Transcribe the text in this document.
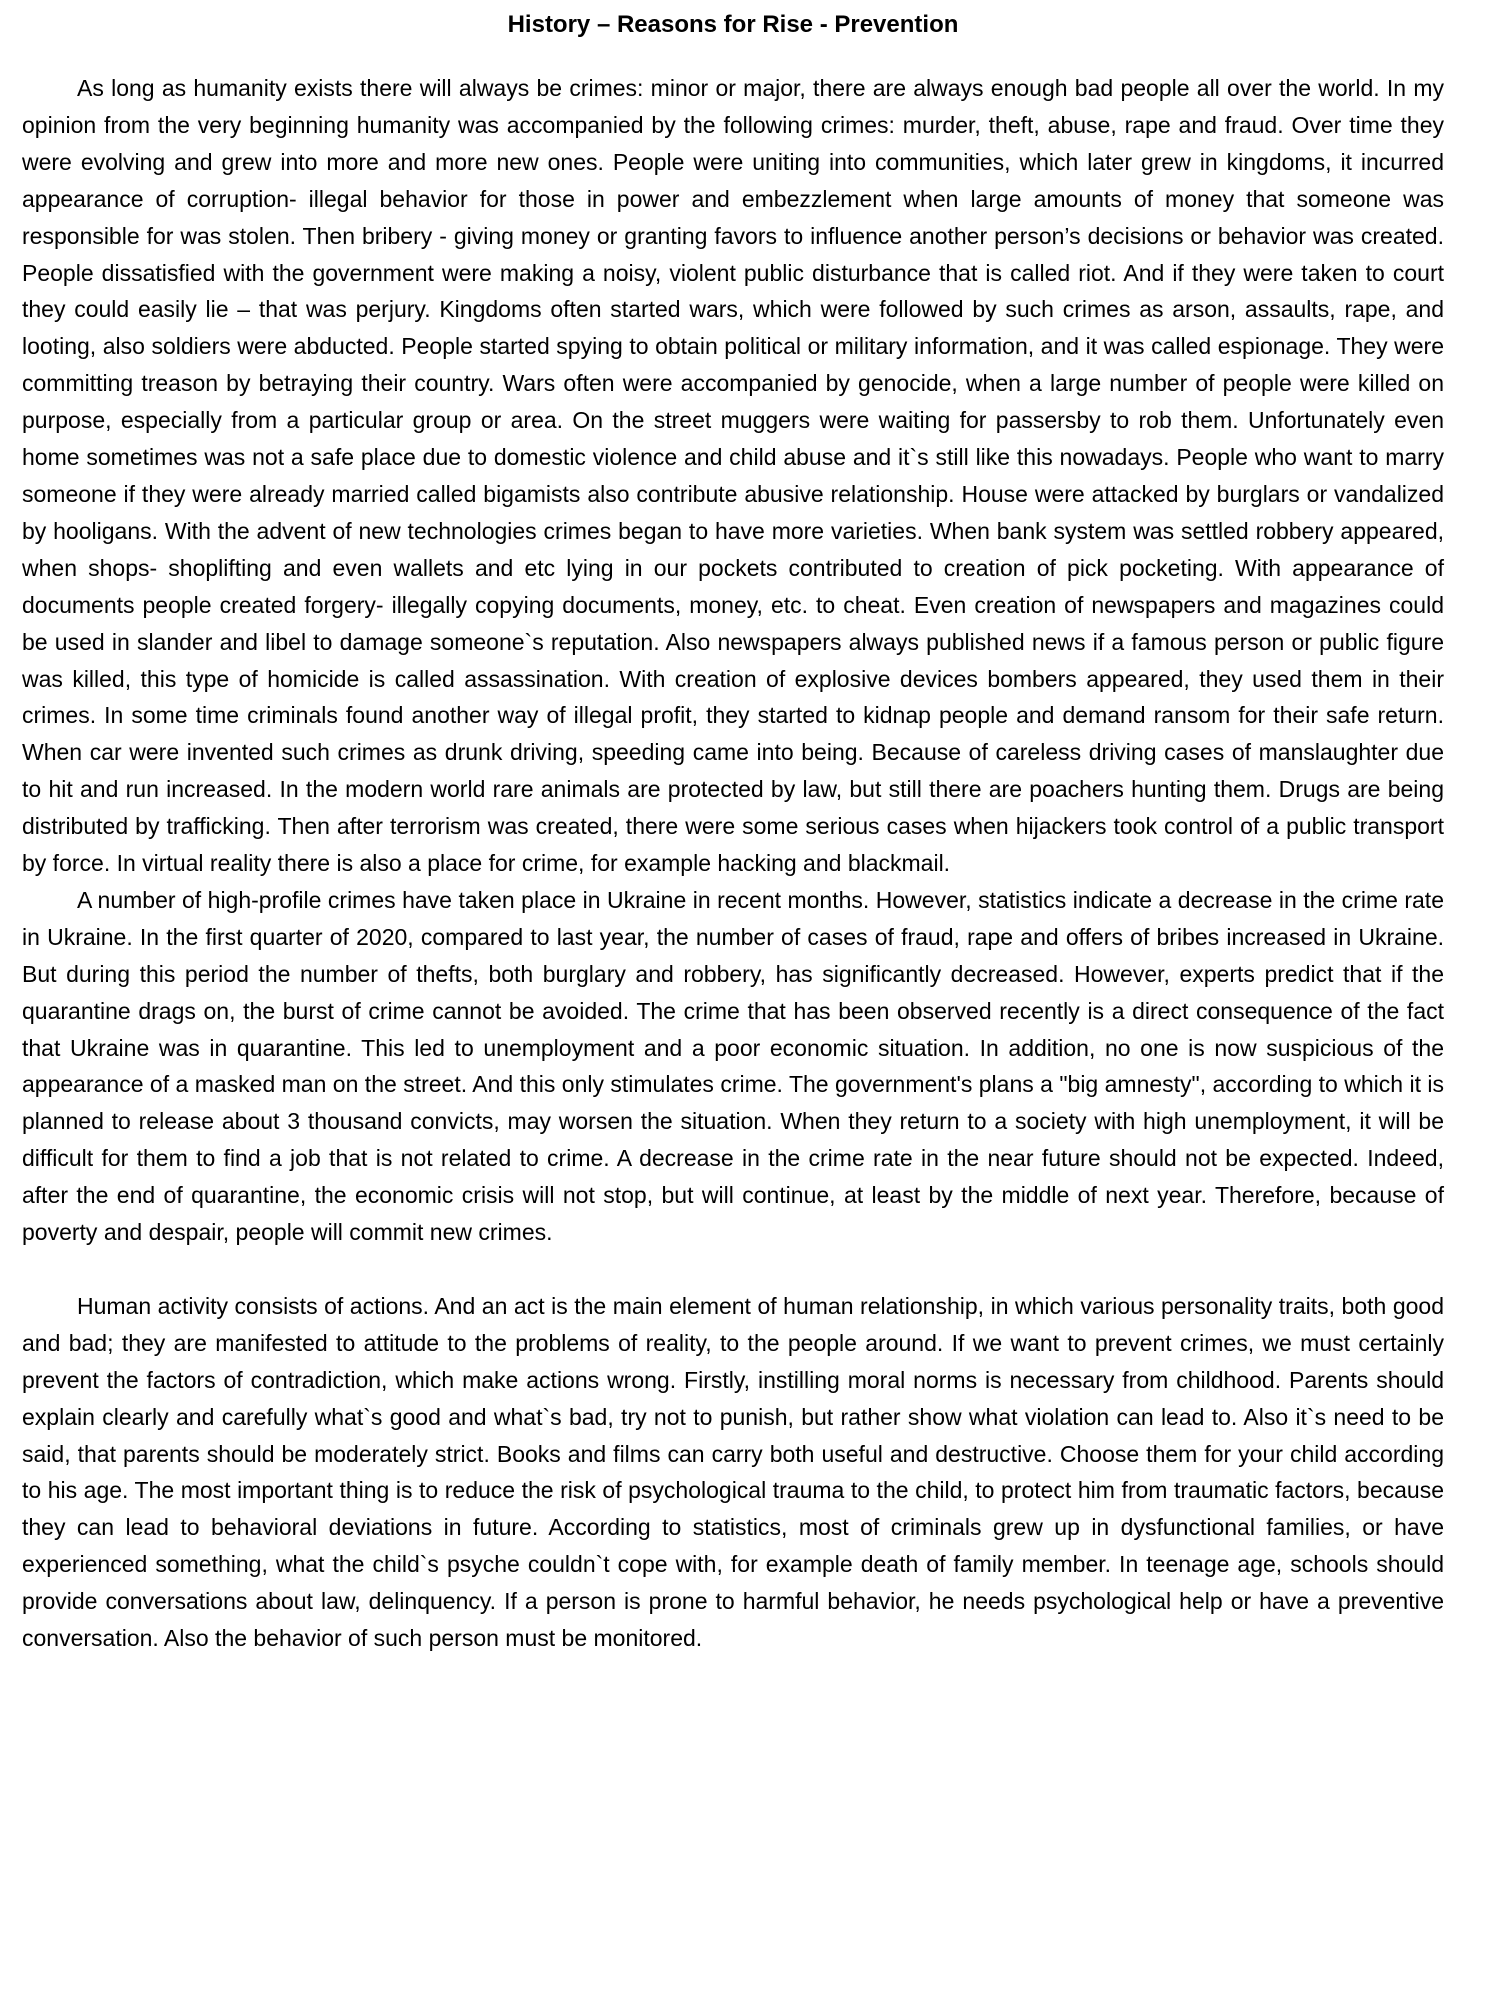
History – Reasons for Rise - Prevention

As long as humanity exists there will always be crimes: minor or major, there are always enough bad people all over the world. In my opinion from the very beginning humanity was accompanied by the following crimes: murder, theft, abuse, rape and fraud. Over time they were evolving and grew into more and more new ones. People were uniting into communities, which later grew in kingdoms, it incurred appearance of corruption- illegal behavior for those in power and embezzlement when large amounts of money that someone was responsible for was stolen. Then bribery - giving money or granting favors to influence another person’s decisions or behavior was created. People dissatisfied with the government were making a noisy, violent public disturbance that is called riot. And if they were taken to court they could easily lie – that was perjury. Kingdoms often started wars, which were followed by such crimes as arson, assaults, rape, and looting, also soldiers were abducted. People started spying to obtain political or military information, and it was called espionage. They were committing treason by betraying their country. Wars often were accompanied by genocide, when a large number of people were killed on purpose, especially from a particular group or area. On the street muggers were waiting for passersby to rob them. Unfortunately even home sometimes was not a safe place due to domestic violence and child abuse and it`s still like this nowadays. People who want to marry someone if they were already married called bigamists also contribute abusive relationship. House were attacked by burglars or vandalized by hooligans. With the advent of new technologies crimes began to have more varieties. When bank system was settled robbery appeared, when shops- shoplifting and even wallets and etc lying in our pockets contributed to creation of pick pocketing. With appearance of documents people created forgery- illegally copying documents, money, etc. to cheat. Even creation of newspapers and magazines could be used in slander and libel to damage someone`s reputation. Also newspapers always published news if a famous person or public figure was killed, this type of homicide is called assassination. With creation of explosive devices bombers appeared, they used them in their crimes. In some time criminals found another way of illegal profit, they started to kidnap people and demand ransom for their safe return. When car were invented such crimes as drunk driving, speeding came into being. Because of careless driving cases of manslaughter due to hit and run increased. In the modern world rare animals are protected by law, but still there are poachers hunting them. Drugs are being distributed by trafficking. Then after terrorism was created, there were some serious cases when hijackers took control of a public transport by force. In virtual reality there is also a place for crime, for example hacking and blackmail.

A number of high-profile crimes have taken place in Ukraine in recent months. However, statistics indicate a decrease in the crime rate in Ukraine. In the first quarter of 2020, compared to last year, the number of cases of fraud, rape and offers of bribes increased in Ukraine. But during this period the number of thefts, both burglary and robbery, has significantly decreased. However, experts predict that if the quarantine drags on, the burst of crime cannot be avoided. The crime that has been observed recently is a direct consequence of the fact that Ukraine was in quarantine. This led to unemployment and a poor economic situation. In addition, no one is now suspicious of the appearance of a masked man on the street. And this only stimulates crime. The government's plans a "big amnesty", according to which it is planned to release about 3 thousand convicts, may worsen the situation. When they return to a society with high unemployment, it will be difficult for them to find a job that is not related to crime. A decrease in the crime rate in the near future should not be expected. Indeed, after the end of quarantine, the economic crisis will not stop, but will continue, at least by the middle of next year. Therefore, because of poverty and despair, people will commit new crimes.

Human activity consists of actions. And an act is the main element of human relationship, in which various personality traits, both good and bad; they are manifested to attitude to the problems of reality, to the people around. If we want to prevent crimes, we must certainly prevent the factors of contradiction, which make actions wrong. Firstly, instilling moral norms is necessary from childhood. Parents should explain clearly and carefully what`s good and what`s bad, try not to punish, but rather show what violation can lead to. Also it`s need to be said, that parents should be moderately strict. Books and films can carry both useful and destructive. Choose them for your child according to his age. The most important thing is to reduce the risk of psychological trauma to the child, to protect him from traumatic factors, because they can lead to behavioral deviations in future. According to statistics, most of criminals grew up in dysfunctional families, or have experienced something, what the child`s psyche couldn`t cope with, for example death of family member. In teenage age, schools should provide conversations about law, delinquency. If a person is prone to harmful behavior, he needs psychological help or have a preventive conversation. Also the behavior of such person must be monitored.
